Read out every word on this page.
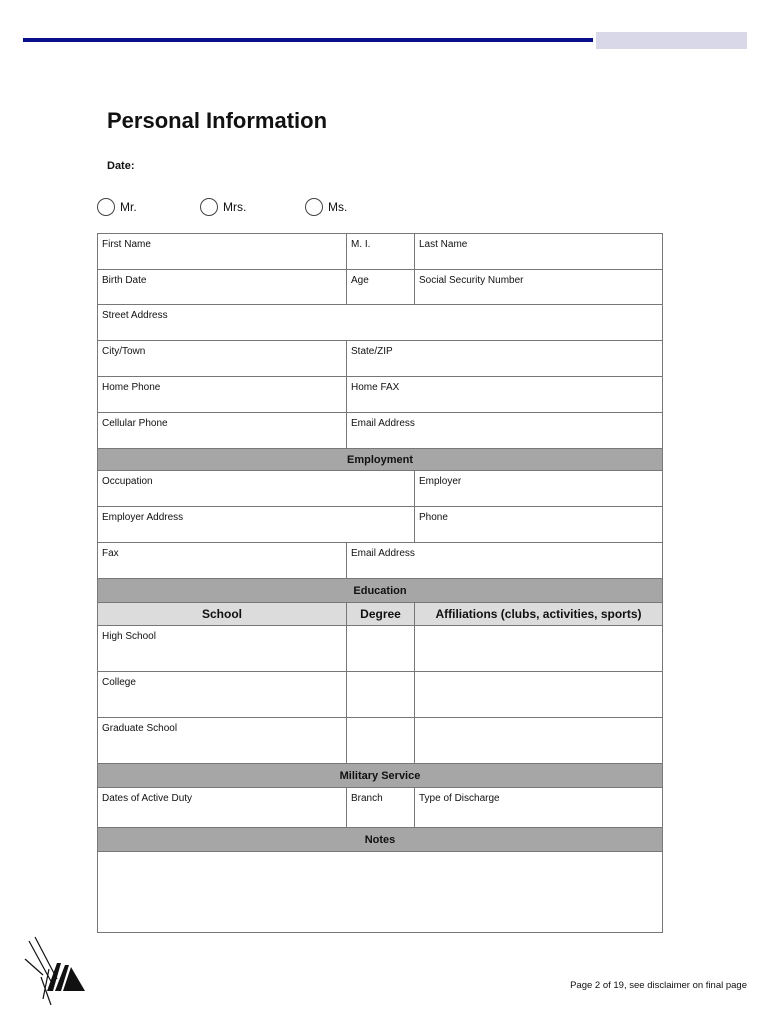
Personal Information
Date:
Mr.	Mrs.	Ms.
First Name	M. I.	Last Name
Birth Date	Age	Social Security Number
Street Address
City/Town	State/ZIP
Home Phone	Home FAX
Cellular Phone	Email Address
Employment
Occupation	Employer
Employer Address	Phone
Fax	Email Address
Education
School	Degree	Affiliations (clubs, activities, sports)
High School
College
Graduate School
Military Service
Dates of Active Duty	Branch	Type of Discharge
Notes
Page 2 of 19, see disclaimer on final page
